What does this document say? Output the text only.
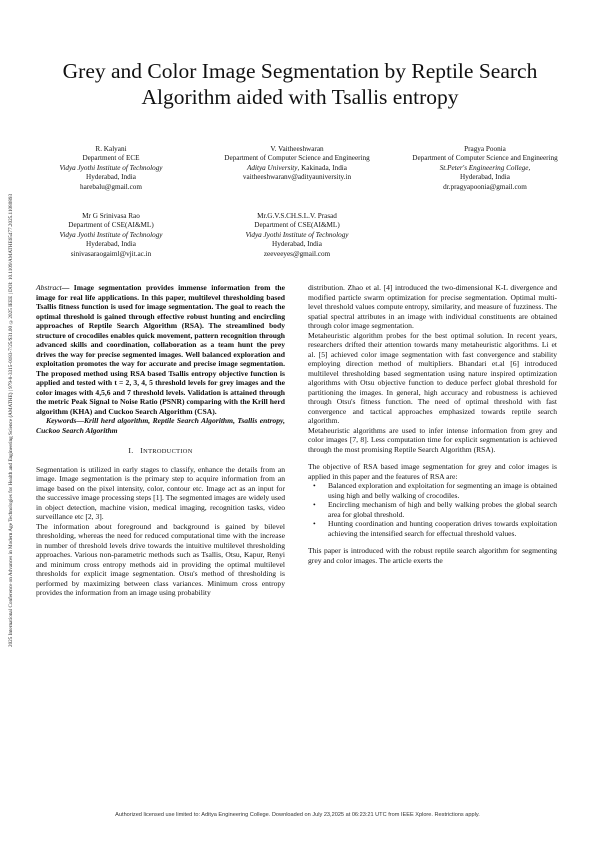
2025 International Conference on Advances in Modern Age Technologies for Health and Engineering Science (AMATHE) | 979-8-3315-0183-7/25/$31.00 ©2025 IEEE | DOI: 10.1109/AMATHE65477.2025.11080893
Grey and Color Image Segmentation by Reptile Search Algorithm aided with Tsallis entropy
R. Kalyani
Department of ECE
Vidya Jyothi Institute of Technology
Hyderabad, India
harebalu@gmail.com
V. Vaitheeshwaran
Department of Computer Science and Engineering
Aditya University, Kakinada, India
vaitheeshwaranv@adityauniversity.in
Pragya Poonia
Department of Computer Science and Engineering
St.Peter's Engineering College,
Hyderabad, India
dr.pragyapoonia@gmail.com
Mr G Srinivasa Rao
Department of CSE(AI&ML)
Vidya Jyothi Institute of Technology
Hyderabad, India
sinivasaraogaiml@vjit.ac.in
Mr.G.V.S.CH.S.L.V. Prasad
Department of CSE(AI&ML)
Vidya Jyothi Institute of Technology
Hyderabad, India
zeeveeyes@gmail.com

Abstract— Image segmentation provides immense information from the image for real life applications. In this paper, multilevel thresholding based Tsallis fitness function is used for image segmentation. The goal to reach the optimal threshold is gained through effective robust hunting and encircling approaches of Reptile Search Algorithm (RSA). The streamlined body structure of crocodiles enables quick movement, pattern recognition through advanced skills and coordination, collaboration as a team hunt the prey drives the way for precise segmented images. Well balanced exploration and exploitation promotes the way for accurate and precise image segmentation. The proposed method using RSA based Tsallis entropy objective function is applied and tested with t = 2, 3, 4, 5 threshold levels for grey images and the color images with 4,5,6 and 7 threshold levels. Validation is attained through the metric Peak Signal to Noise Ratio (PSNR) comparing with the Krill herd algorithm (KHA) and Cuckoo Search Algorithm (CSA).

Keywords—Krill herd algorithm, Reptile Search Algorithm, Tsallis entropy, Cuckoo Search Algorithm

I. INTRODUCTION

Segmentation is utilized in early stages to classify, enhance the details from an image. Image segmentation is the primary step to acquire information from an image based on the pixel intensity, color, contour etc. Image act as an input for the successive image processing steps [1]. The segmented images are widely used in object detection, machine vision, medical imaging, recognition tasks, video surveillance etc [2, 3].

The information about foreground and background is gained by bilevel thresholding, whereas the need for reduced computational time with the increase in number of threshold levels drive towards the intuitive multilevel thresholding approaches. Various non-parametric methods such as Tsallis, Otsu, Kapur, Renyi and minimum cross entropy methods aid in providing the optimal multilevel thresholds for explicit image segmentation. Otsu's method of thresholding is performed by maximizing between class variances. Minimum cross entropy provides the information from an image using probability

distribution. Zhao et al. [4] introduced the two-dimensional K-L divergence and modified particle swarm optimization for precise segmentation. Optimal multi-level threshold values compute entropy, similarity, and measure of fuzziness. The spatial spectral attributes in an image with individual constituents are obtained through color image segmentation.

Metaheuristic algorithm probes for the best optimal solution. In recent years, researchers drifted their attention towards many metaheuristic algorithms. Li et al. [5] achieved color image segmentation with fast convergence and stability employing direction method of multipliers. Bhandari et.al [6] introduced multilevel thresholding based segmentation using nature inspired optimization algorithms with Otsu objective function to deduce perfect global threshold for partitioning the images. In general, high accuracy and robustness is achieved through Otsu's fitness function. The need of optimal threshold with fast convergence and tactical approaches emphasized towards reptile search algorithm.

Metaheuristic algorithms are used to infer intense information from grey and color images [7, 8]. Less computation time for explicit segmentation is achieved through the most promising Reptile Search Algorithm (RSA).

The objective of RSA based image segmentation for grey and color images is applied in this paper and the features of RSA are:

• Balanced exploration and exploitation for segmenting an image is obtained using high and belly walking of crocodiles.
• Encircling mechanism of high and belly walking probes the global search area for global threshold.
• Hunting coordination and hunting cooperation drives towards exploitation achieving the intensified search for effectual threshold values.

This paper is introduced with the robust reptile search algorithm for segmenting grey and color images. The article exerts the

Authorized licensed use limited to: Aditya Engineering College. Downloaded on July 23,2025 at 06:23:21 UTC from IEEE Xplore. Restrictions apply.
